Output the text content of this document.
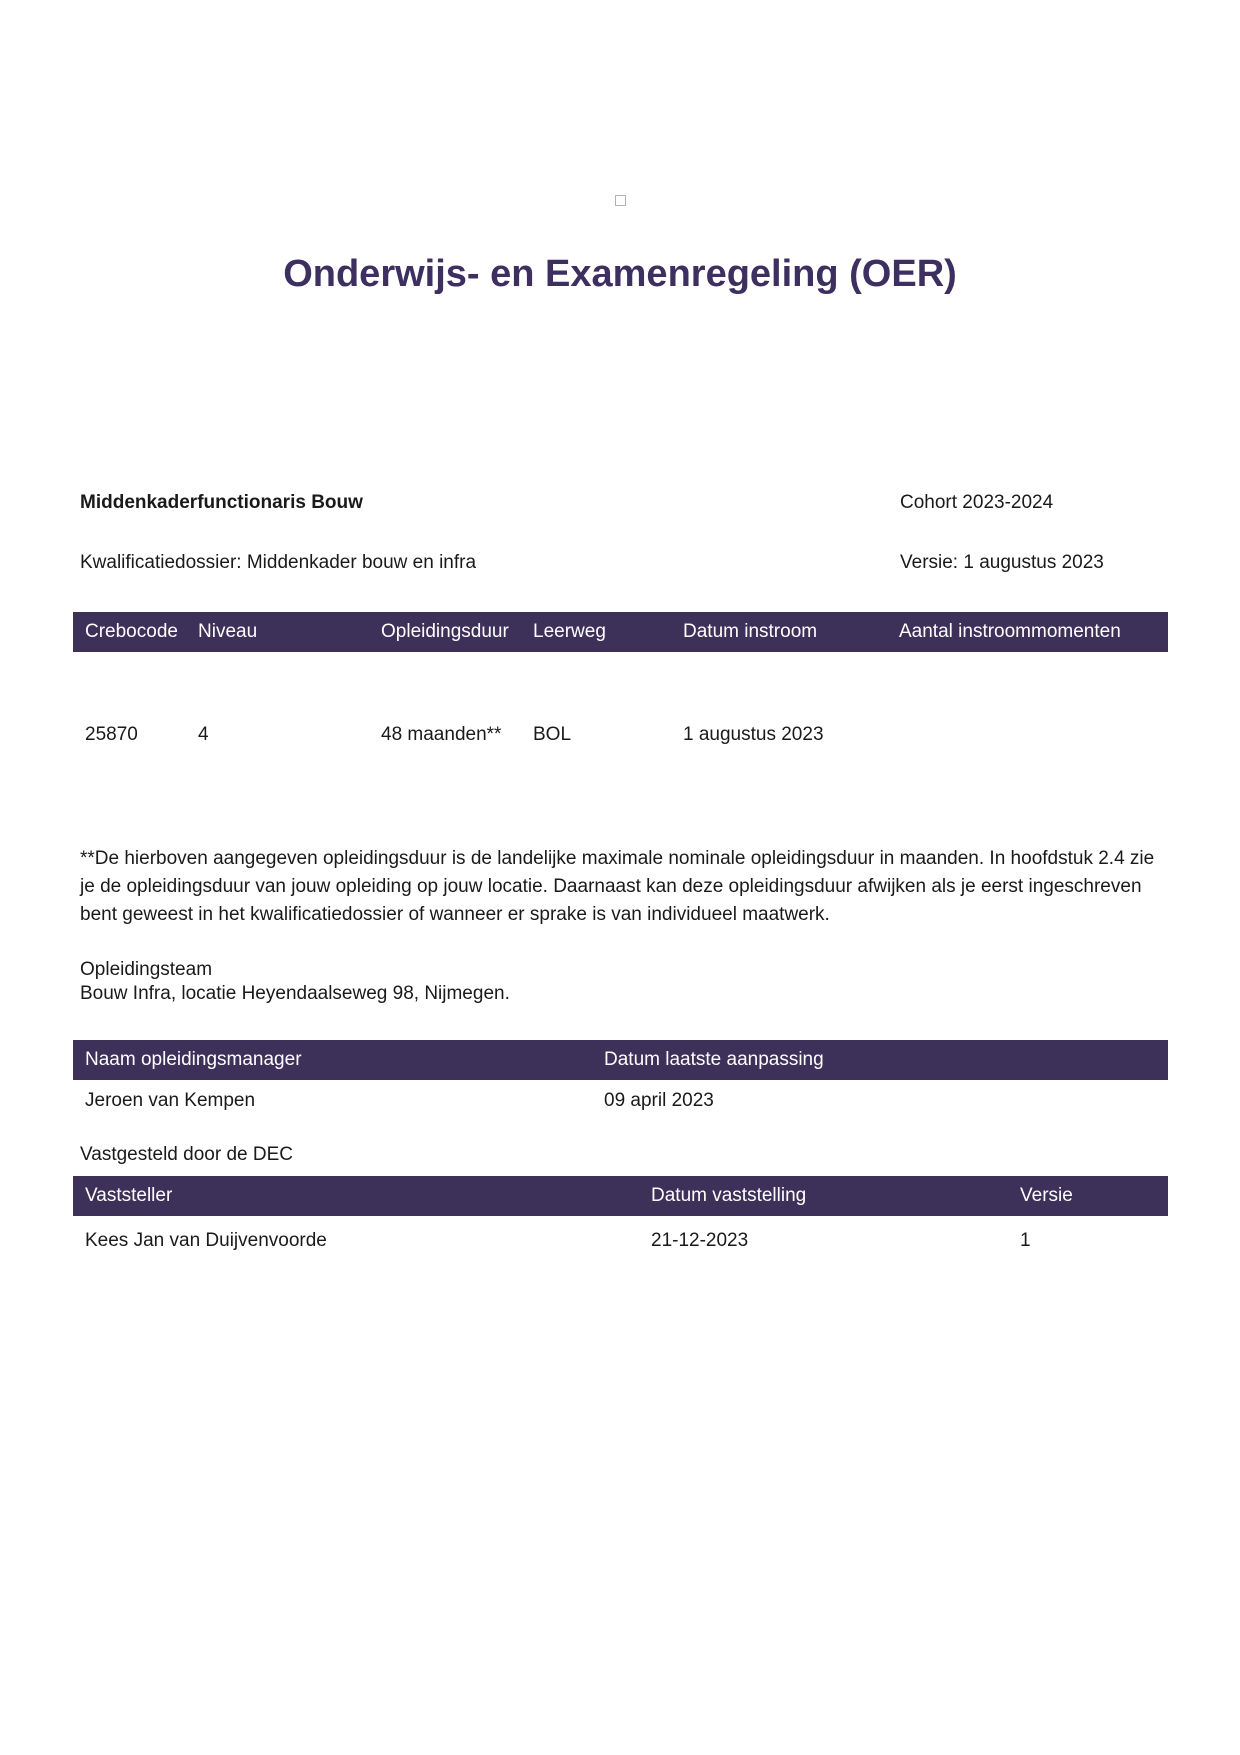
Onderwijs- en Examenregeling (OER)
Middenkaderfunctionaris Bouw	Cohort 2023-2024
Kwalificatiedossier: Middenkader bouw en infra	Versie: 1 augustus 2023
Crebocode	Niveau	Opleidingsduur	Leerweg	Datum instroom	Aantal instroommomenten
25870	4	48 maanden**	BOL	1 augustus 2023
**De hierboven aangegeven opleidingsduur is de landelijke maximale nominale opleidingsduur in maanden. In hoofdstuk 2.4 zie je de opleidingsduur van jouw opleiding op jouw locatie. Daarnaast kan deze opleidingsduur afwijken als je eerst ingeschreven bent geweest in het kwalificatiedossier of wanneer er sprake is van individueel maatwerk.
Opleidingsteam
Bouw Infra, locatie Heyendaalseweg 98, Nijmegen.
Naam opleidingsmanager	Datum laatste aanpassing
Jeroen van Kempen	09 april 2023
Vastgesteld door de DEC
Vaststeller	Datum vaststelling	Versie
Kees Jan van Duijvenvoorde	21-12-2023	1
